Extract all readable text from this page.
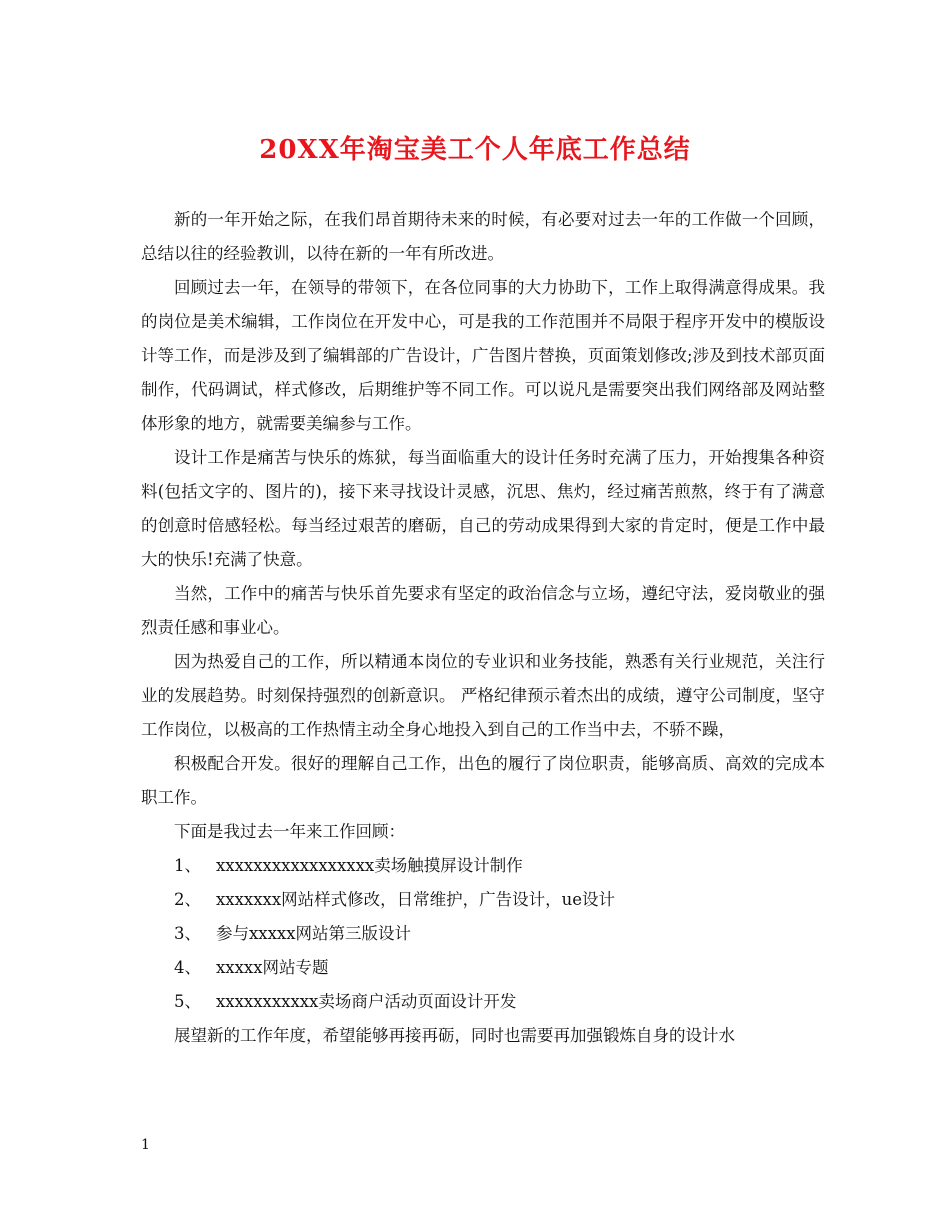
20XX年淘宝美工个人年底工作总结

新的一年开始之际，在我们昂首期待未来的时候，有必要对过去一年的工作做一个回顾，总结以往的经验教训，以待在新的一年有所改进。

回顾过去一年，在领导的带领下，在各位同事的大力协助下，工作上取得满意得成果。我的岗位是美术编辑，工作岗位在开发中心，可是我的工作范围并不局限于程序开发中的模版设计等工作，而是涉及到了编辑部的广告设计，广告图片替换，页面策划修改;涉及到技术部页面制作，代码调试，样式修改，后期维护等不同工作。可以说凡是需要突出我们网络部及网站整体形象的地方，就需要美编参与工作。

设计工作是痛苦与快乐的炼狱，每当面临重大的设计任务时充满了压力，开始搜集各种资料(包括文字的、图片的)，接下来寻找设计灵感，沉思、焦灼，经过痛苦煎熬，终于有了满意的创意时倍感轻松。每当经过艰苦的磨砺，自己的劳动成果得到大家的肯定时，便是工作中最大的快乐!充满了快意。

当然，工作中的痛苦与快乐首先要求有坚定的政治信念与立场，遵纪守法，爱岗敬业的强烈责任感和事业心。

因为热爱自己的工作，所以精通本岗位的专业识和业务技能，熟悉有关行业规范，关注行业的发展趋势。时刻保持强烈的创新意识。 严格纪律预示着杰出的成绩，遵守公司制度，坚守工作岗位，以极高的工作热情主动全身心地投入到自己的工作当中去，不骄不躁，

积极配合开发。很好的理解自己工作，出色的履行了岗位职责，能够高质、高效的完成本职工作。

下面是我过去一年来工作回顾：

1、 xxxxxxxxxxxxxxxxx卖场触摸屏设计制作
2、 xxxxxxx网站样式修改，日常维护，广告设计，ue设计
3、 参与xxxxx网站第三版设计
4、 xxxxx网站专题
5、 xxxxxxxxxxx卖场商户活动页面设计开发

展望新的工作年度，希望能够再接再砺，同时也需要再加强锻炼自身的设计水

1
